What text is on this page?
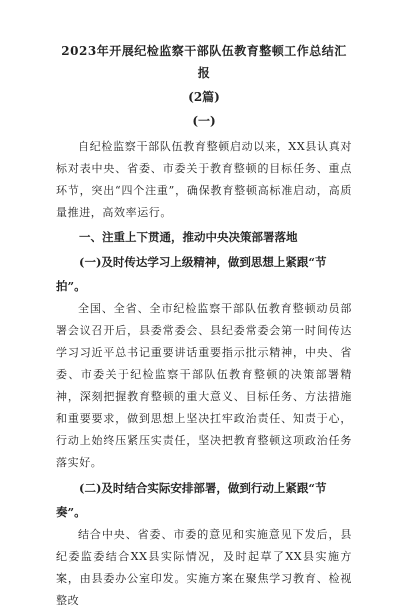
2023年开展纪检监察干部队伍教育整顿工作总结汇报
(2篇)
(一)

自纪检监察干部队伍教育整顿启动以来，XX县认真对标对表中央、省委、市委关于教育整顿的目标任务、重点环节，突出“四个注重”，确保教育整顿高标准启动，高质量推进，高效率运行。

一、注重上下贯通，推动中央决策部署落地

(一)及时传达学习上级精神，做到思想上紧跟“节拍”。

全国、全省、全市纪检监察干部队伍教育整顿动员部署会议召开后，县委常委会、县纪委常委会第一时间传达学习习近平总书记重要讲话重要指示批示精神，中央、省委、市委关于纪检监察干部队伍教育整顿的决策部署精神，深刻把握教育整顿的重大意义、目标任务、方法措施和重要要求，做到思想上坚决扛牢政治责任、知责于心，行动上始终压紧压实责任，坚决把教育整顿这项政治任务落实好。

(二)及时结合实际安排部署，做到行动上紧跟“节奏”。

结合中央、省委、市委的意见和实施意见下发后，县纪委监委结合XX县实际情况，及时起草了XX县实施方案，由县委办公室印发。实施方案在聚焦学习教育、检视整改
